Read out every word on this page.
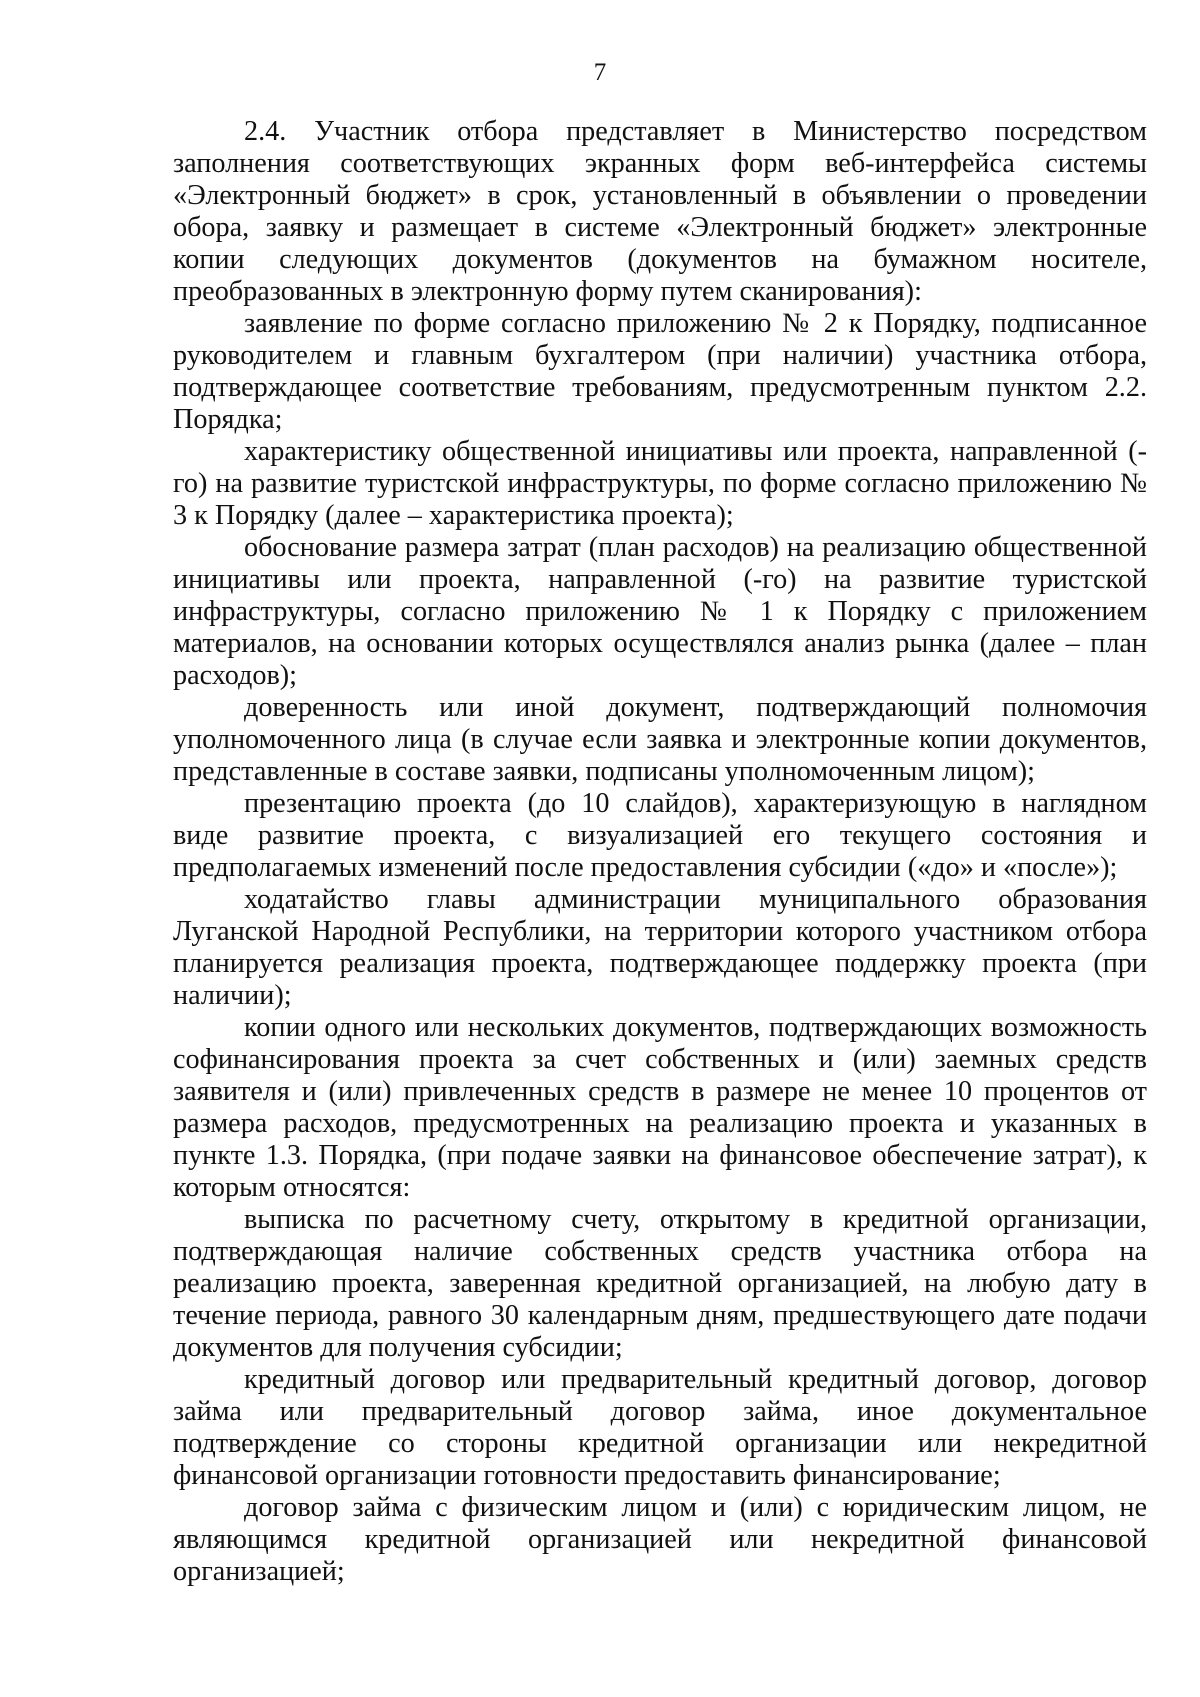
7

2.4. Участник отбора представляет в Министерство посредством заполнения соответствующих экранных форм веб-интерфейса системы «Электронный бюджет» в срок, установленный в объявлении о проведении обора, заявку и размещает в системе «Электронный бюджет» электронные копии следующих документов (документов на бумажном носителе, преобразованных в электронную форму путем сканирования):

заявление по форме согласно приложению № 2 к Порядку, подписанное руководителем и главным бухгалтером (при наличии) участника отбора, подтверждающее соответствие требованиям, предусмотренным пунктом 2.2. Порядка;

характеристику общественной инициативы или проекта, направленной (-го) на развитие туристской инфраструктуры, по форме согласно приложению № 3 к Порядку (далее – характеристика проекта);

обоснование размера затрат (план расходов) на реализацию общественной инициативы или проекта, направленной (-го) на развитие туристской инфраструктуры, согласно приложению № 1 к Порядку с приложением материалов, на основании которых осуществлялся анализ рынка (далее – план расходов);

доверенность или иной документ, подтверждающий полномочия уполномоченного лица (в случае если заявка и электронные копии документов, представленные в составе заявки, подписаны уполномоченным лицом);

презентацию проекта (до 10 слайдов), характеризующую в наглядном виде развитие проекта, с визуализацией его текущего состояния и предполагаемых изменений после предоставления субсидии («до» и «после»);

ходатайство главы администрации муниципального образования Луганской Народной Республики, на территории которого участником отбора планируется реализация проекта, подтверждающее поддержку проекта (при наличии);

копии одного или нескольких документов, подтверждающих возможность софинансирования проекта за счет собственных и (или) заемных средств заявителя и (или) привлеченных средств в размере не менее 10 процентов от размера расходов, предусмотренных на реализацию проекта и указанных в пункте 1.3. Порядка, (при подаче заявки на финансовое обеспечение затрат), к которым относятся:

выписка по расчетному счету, открытому в кредитной организации, подтверждающая наличие собственных средств участника отбора на реализацию проекта, заверенная кредитной организацией, на любую дату в течение периода, равного 30 календарным дням, предшествующего дате подачи документов для получения субсидии;

кредитный договор или предварительный кредитный договор, договор займа или предварительный договор займа, иное документальное подтверждение со стороны кредитной организации или некредитной финансовой организации готовности предоставить финансирование;

договор займа с физическим лицом и (или) с юридическим лицом, не являющимся кредитной организацией или некредитной финансовой организацией;
